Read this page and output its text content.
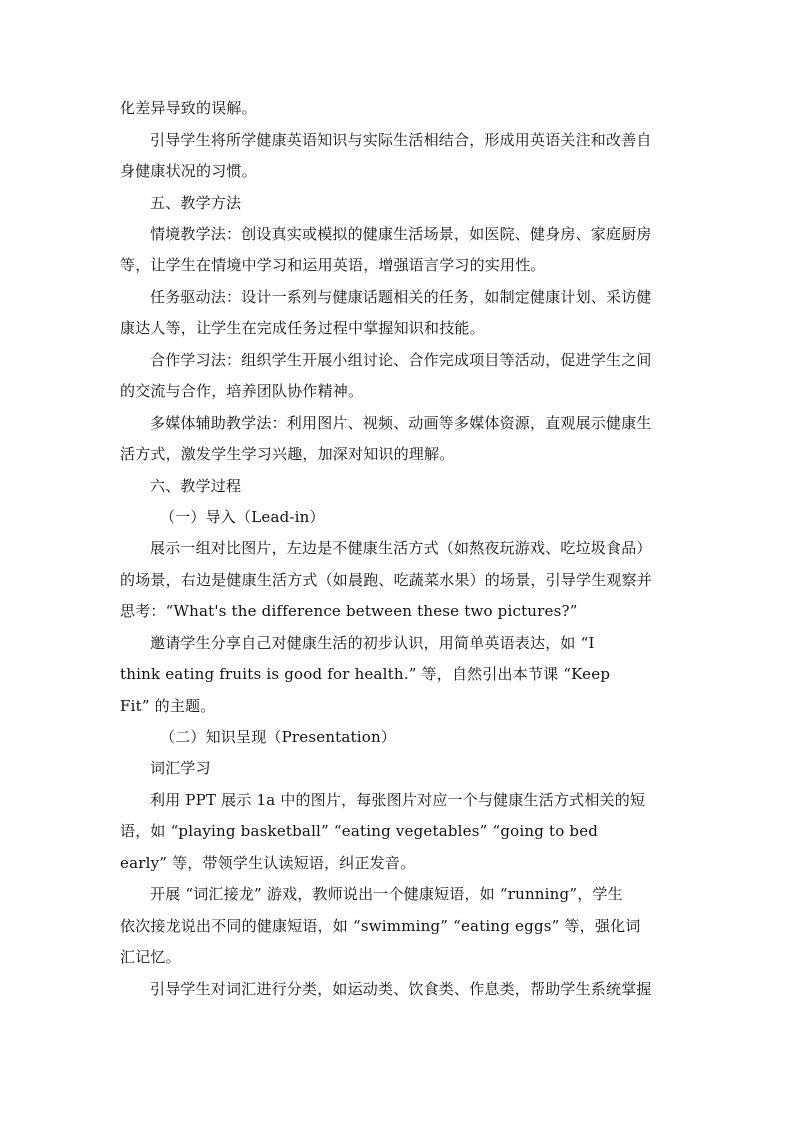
化差异导致的误解。
引导学生将所学健康英语知识与实际生活相结合，形成用英语关注和改善自
身健康状况的习惯。
五、教学方法
情境教学法：创设真实或模拟的健康生活场景，如医院、健身房、家庭厨房
等，让学生在情境中学习和运用英语，增强语言学习的实用性。
任务驱动法：设计一系列与健康话题相关的任务，如制定健康计划、采访健
康达人等，让学生在完成任务过程中掌握知识和技能。
合作学习法：组织学生开展小组讨论、合作完成项目等活动，促进学生之间
的交流与合作，培养团队协作精神。
多媒体辅助教学法：利用图片、视频、动画等多媒体资源，直观展示健康生
活方式，激发学生学习兴趣，加深对知识的理解。
六、教学过程
（一）导入（Lead-in）
展示一组对比图片，左边是不健康生活方式（如熬夜玩游戏、吃垃圾食品）
的场景，右边是健康生活方式（如晨跑、吃蔬菜水果）的场景，引导学生观察并
思考：“What's the difference between these two pictures?”
邀请学生分享自己对健康生活的初步认识，用简单英语表达，如 “I
think eating fruits is good for health.” 等，自然引出本节课 “Keep
Fit” 的主题。
（二）知识呈现（Presentation）
词汇学习
利用 PPT 展示 1a 中的图片，每张图片对应一个与健康生活方式相关的短
语，如 “playing basketball” “eating vegetables” “going to bed
early” 等，带领学生认读短语，纠正发音。
开展 “词汇接龙” 游戏，教师说出一个健康短语，如 “running”，学生
依次接龙说出不同的健康短语，如 “swimming” “eating eggs” 等，强化词
汇记忆。
引导学生对词汇进行分类，如运动类、饮食类、作息类，帮助学生系统掌握
